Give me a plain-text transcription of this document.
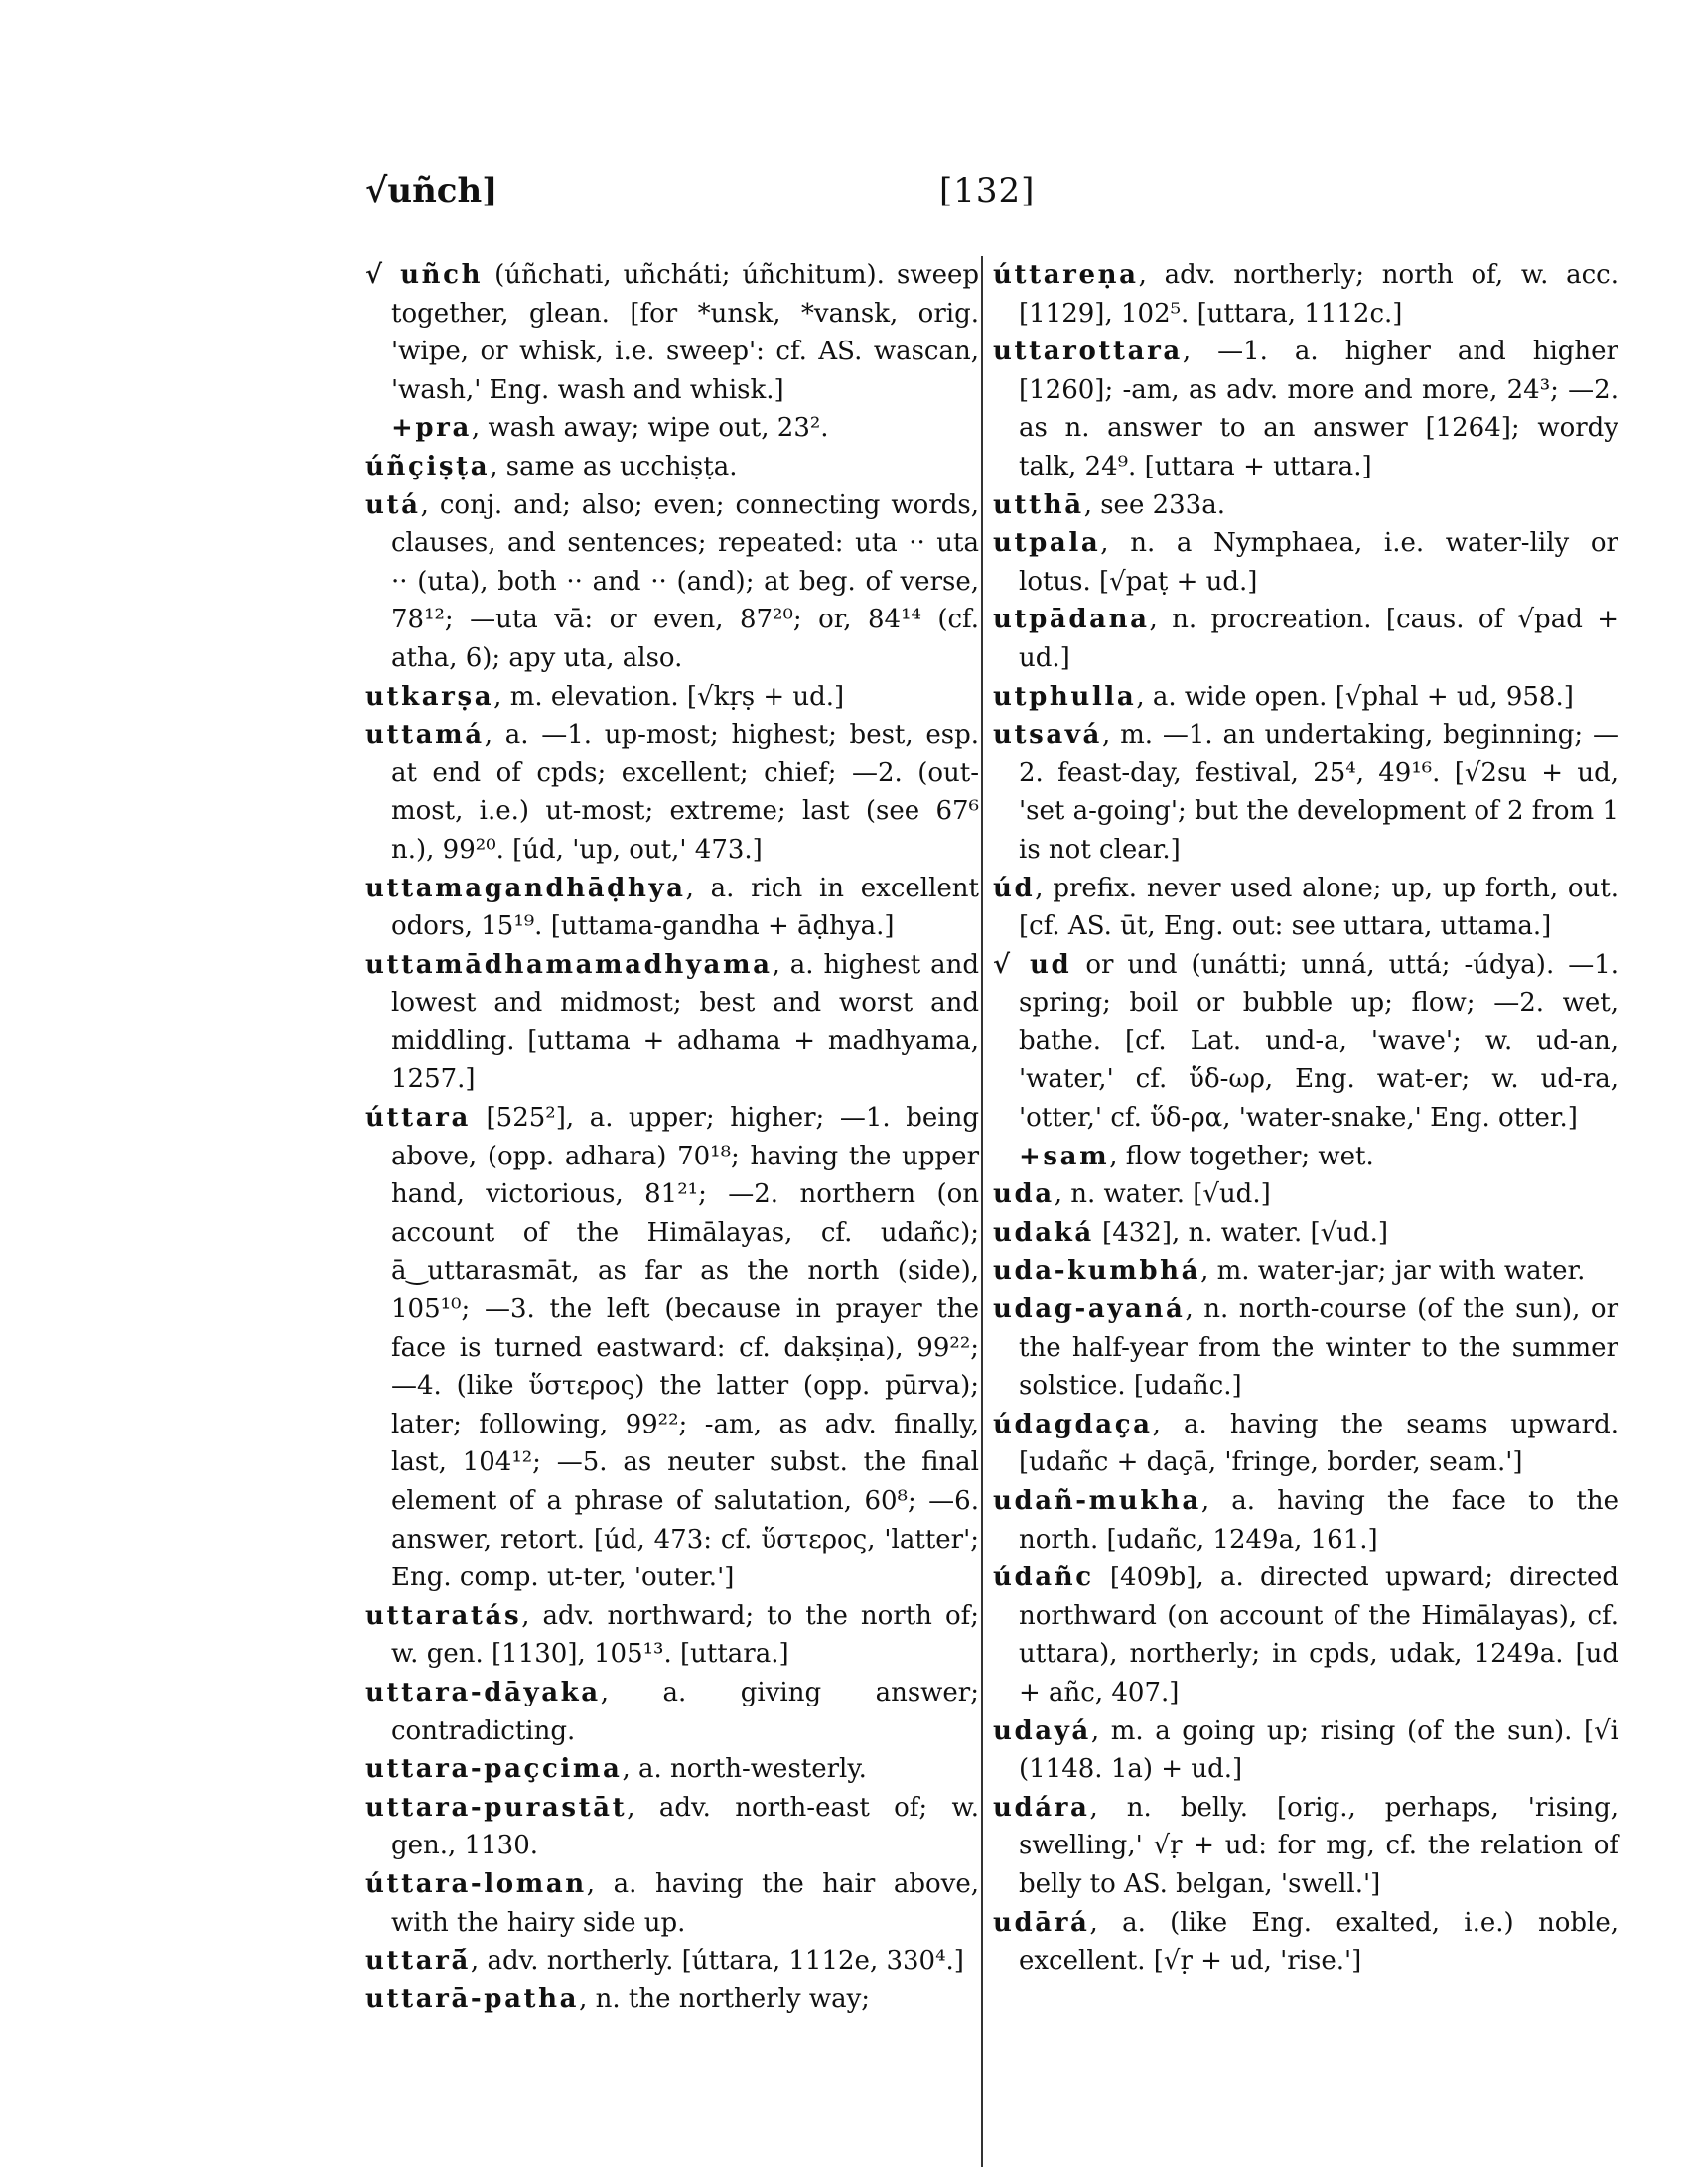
√uñch]	[132]

√ uñch (úñchati, uñcháti; úñchitum). sweep together, glean. [for *unsk, *vansk, orig. 'wipe, or whisk, i.e. sweep': cf. AS. wascan, 'wash,' Eng. wash and whisk.]

+pra, wash away; wipe out, 23².

úñçiṣṭa, same as ucchiṣṭa.

utá, conj. and; also; even; connecting words, clauses, and sentences; repeated: uta ·· uta ·· (uta), both ·· and ·· (and); at beg. of verse, 78¹²; —uta vā: or even, 87²⁰; or, 84¹⁴ (cf. atha, 6); apy uta, also.

utkarṣa, m. elevation. [√kṛṣ + ud.]

uttamá, a. —1. up-most; highest; best, esp. at end of cpds; excellent; chief; —2. (out-most, i.e.) ut-most; extreme; last (see 67⁶ n.), 99²⁰. [úd, 'up, out,' 473.]

uttamagandhāḍhya, a. rich in excellent odors, 15¹⁹. [uttama-gandha + āḍhya.]

uttamādhamamadhyama, a. highest and lowest and midmost; best and worst and middling. [uttama + adhama + madhyama, 1257.]

úttara [525²], a. upper; higher; —1. being above, (opp. adhara) 70¹⁸; having the upper hand, victorious, 81²¹; —2. northern (on account of the Himālayas, cf. udañc); ā‿uttarasmāt, as far as the north (side), 105¹⁰; —3. the left (because in prayer the face is turned eastward: cf. dakṣiṇa), 99²²; —4. (like ὕστερος) the latter (opp. pūrva); later; following, 99²²; -am, as adv. finally, last, 104¹²; —5. as neuter subst. the final element of a phrase of salutation, 60⁸; —6. answer, retort. [úd, 473: cf. ὕστερος, 'latter'; Eng. comp. ut-ter, 'outer.']

uttaratás, adv. northward; to the north of; w. gen. [1130], 105¹³. [uttara.]

uttara-dāyaka, a. giving answer; contradicting.

uttara-paçcima, a. north-westerly.

uttara-purastāt, adv. north-east of; w. gen., 1130.

úttara-loman, a. having the hair above, with the hairy side up.

uttarā́, adv. northerly. [úttara, 1112e, 330⁴.]

uttarā-patha, n. the northerly way;

úttareṇa, adv. northerly; north of, w. acc. [1129], 102⁵. [uttara, 1112c.]

uttarottara, —1. a. higher and higher [1260]; -am, as adv. more and more, 24³; —2. as n. answer to an answer [1264]; wordy talk, 24⁹. [uttara + uttara.]

utthā, see 233a.

utpala, n. a Nymphaea, i.e. water-lily or lotus. [√paṭ + ud.]

utpādana, n. procreation. [caus. of √pad + ud.]

utphulla, a. wide open. [√phal + ud, 958.]

utsavá, m. —1. an undertaking, beginning; —2. feast-day, festival, 25⁴, 49¹⁶. [√2su + ud, 'set a-going'; but the development of 2 from 1 is not clear.]

úd, prefix. never used alone; up, up forth, out. [cf. AS. ūt, Eng. out: see uttara, uttama.]

√ ud or und (unátti; unná, uttá; -údya). —1. spring; boil or bubble up; flow; —2. wet, bathe. [cf. Lat. und-a, 'wave'; w. ud-an, 'water,' cf. ὕδ-ωρ, Eng. wat-er; w. ud-ra, 'otter,' cf. ὕδ-ρα, 'water-snake,' Eng. otter.]

+sam, flow together; wet.

uda, n. water. [√ud.]

udaká [432], n. water. [√ud.]

uda-kumbhá, m. water-jar; jar with water.

udag-ayaná, n. north-course (of the sun), or the half-year from the winter to the summer solstice. [udañc.]

údagdaça, a. having the seams upward. [udañc + daçā, 'fringe, border, seam.']

udañ-mukha, a. having the face to the north. [udañc, 1249a, 161.]

údañc [409b], a. directed upward; directed northward (on account of the Himālayas), cf. uttara), northerly; in cpds, udak, 1249a. [ud + añc, 407.]

udayá, m. a going up; rising (of the sun). [√i (1148. 1a) + ud.]

udára, n. belly. [orig., perhaps, 'rising, swelling,' √ṛ + ud: for mg, cf. the relation of belly to AS. belgan, 'swell.']

udārá, a. (like Eng. exalted, i.e.) noble, excellent. [√ṛ + ud, 'rise.']
